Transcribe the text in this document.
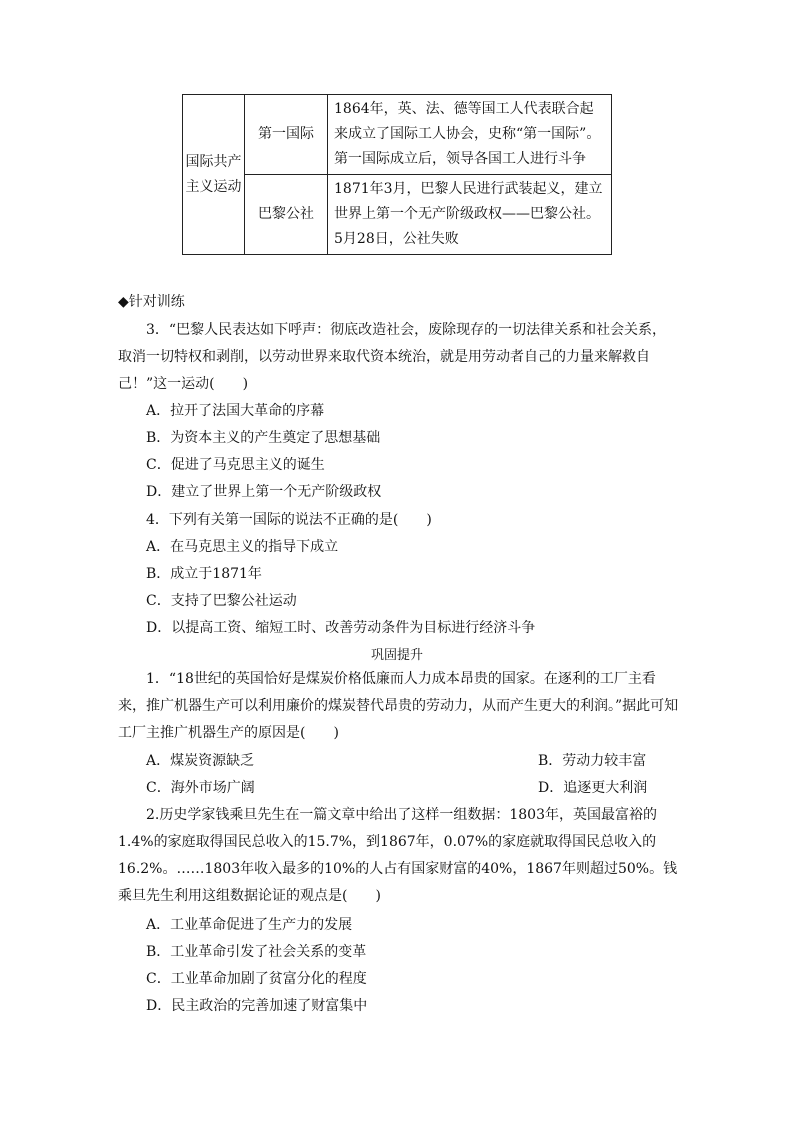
国际共产主义运动	第一国际	1864年，英、法、德等国工人代表联合起来成立了国际工人协会，史称“第一国际”。第一国际成立后，领导各国工人进行斗争
	巴黎公社	1871年3月，巴黎人民进行武装起义，建立世界上第一个无产阶级政权——巴黎公社。5月28日，公社失败
◆针对训练
3．“巴黎人民表达如下呼声：彻底改造社会，废除现存的一切法律关系和社会关系，取消一切特权和剥削，以劳动世界来取代资本统治，就是用劳动者自己的力量来解救自己！”这一运动(　　)
A．拉开了法国大革命的序幕
B．为资本主义的产生奠定了思想基础
C．促进了马克思主义的诞生
D．建立了世界上第一个无产阶级政权
4．下列有关第一国际的说法不正确的是(　　)
A．在马克思主义的指导下成立
B．成立于1871年
C．支持了巴黎公社运动
D．以提高工资、缩短工时、改善劳动条件为目标进行经济斗争
巩固提升
1．“18世纪的英国恰好是煤炭价格低廉而人力成本昂贵的国家。在逐利的工厂主看来，推广机器生产可以利用廉价的煤炭替代昂贵的劳动力，从而产生更大的利润。”据此可知工厂主推广机器生产的原因是(　　)
A．煤炭资源缺乏	B．劳动力较丰富
C．海外市场广阔	D．追逐更大利润
2.历史学家钱乘旦先生在一篇文章中给出了这样一组数据：1803年，英国最富裕的1.4%的家庭取得国民总收入的15.7%，到1867年，0.07%的家庭就取得国民总收入的16.2%。……1803年收入最多的10%的人占有国家财富的40%，1867年则超过50%。钱乘旦先生利用这组数据论证的观点是(　　)
A．工业革命促进了生产力的发展
B．工业革命引发了社会关系的变革
C．工业革命加剧了贫富分化的程度
D．民主政治的完善加速了财富集中
